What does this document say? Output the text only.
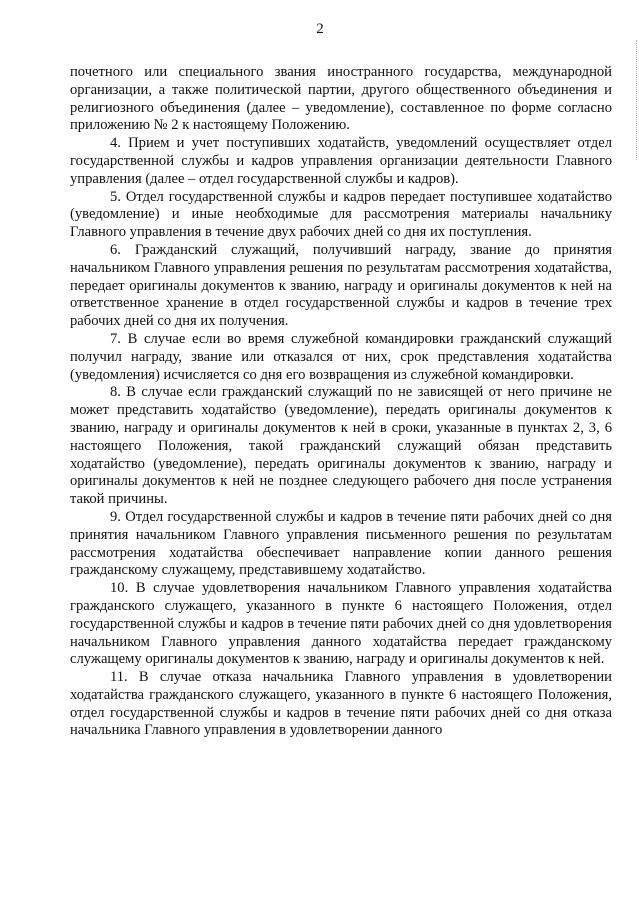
2

почетного или специального звания иностранного государства, международной организации, а также политической партии, другого общественного объединения и религиозного объединения (далее – уведомление), составленное по форме согласно приложению № 2 к настоящему Положению.

4. Прием и учет поступивших ходатайств, уведомлений осуществляет отдел государственной службы и кадров управления организации деятельности Главного управления (далее – отдел государственной службы и кадров).

5. Отдел государственной службы и кадров передает поступившее ходатайство (уведомление) и иные необходимые для рассмотрения материалы начальнику Главного управления в течение двух рабочих дней со дня их поступления.

6. Гражданский служащий, получивший награду, звание до принятия начальником Главного управления решения по результатам рассмотрения ходатайства, передает оригиналы документов к званию, награду и оригиналы документов к ней на ответственное хранение в отдел государственной службы и кадров в течение трех рабочих дней со дня их получения.

7. В случае если во время служебной командировки гражданский служащий получил награду, звание или отказался от них, срок представления ходатайства (уведомления) исчисляется со дня его возвращения из служебной командировки.

8. В случае если гражданский служащий по не зависящей от него причине не может представить ходатайство (уведомление), передать оригиналы документов к званию, награду и оригиналы документов к ней в сроки, указанные в пунктах 2, 3, 6 настоящего Положения, такой гражданский служащий обязан представить ходатайство (уведомление), передать оригиналы документов к званию, награду и оригиналы документов к ней не позднее следующего рабочего дня после устранения такой причины.

9. Отдел государственной службы и кадров в течение пяти рабочих дней со дня принятия начальником Главного управления письменного решения по результатам рассмотрения ходатайства обеспечивает направление копии данного решения гражданскому служащему, представившему ходатайство.

10. В случае удовлетворения начальником Главного управления ходатайства гражданского служащего, указанного в пункте 6 настоящего Положения, отдел государственной службы и кадров в течение пяти рабочих дней со дня удовлетворения начальником Главного управления данного ходатайства передает гражданскому служащему оригиналы документов к званию, награду и оригиналы документов к ней.

11. В случае отказа начальника Главного управления в удовлетворении ходатайства гражданского служащего, указанного в пункте 6 настоящего Положения, отдел государственной службы и кадров в течение пяти рабочих дней со дня отказа начальника Главного управления в удовлетворении данного
